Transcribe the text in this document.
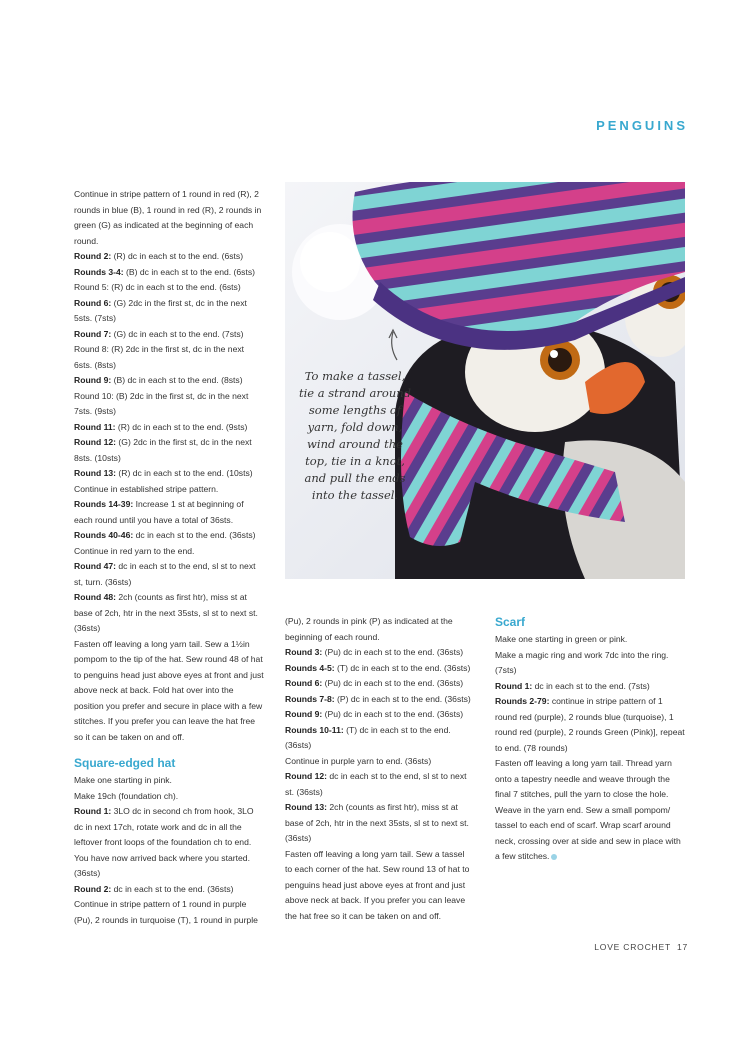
PENGUINS

Continue in stripe pattern of 1 round in red (R), 2 rounds in blue (B), 1 round in red (R), 2 rounds in green (G) as indicated at the beginning of each round.

Round 2: (R) dc in each st to the end. (6sts)

Rounds 3-4: (B) dc in each st to the end. (6sts)

Round 5: (R) dc in each st to the end. (6sts)

Round 6: (G) 2dc in the first st, dc in the next 5sts. (7sts)

Round 7: (G) dc in each st to the end. (7sts)

Round 8: (R) 2dc in the first st, dc in the next 6sts. (8sts)

Round 9: (B) dc in each st to the end. (8sts)

Round 10: (B) 2dc in the first st, dc in the next 7sts. (9sts)

Round 11: (R) dc in each st to the end. (9sts)

Round 12: (G) 2dc in the first st, dc in the next 8sts. (10sts)

Round 13: (R) dc in each st to the end. (10sts)

Continue in established stripe pattern.

Rounds 14-39: Increase 1 st at beginning of each round until you have a total of 36sts.

Rounds 40-46: dc in each st to the end. (36sts)

Continue in red yarn to the end.

Round 47: dc in each st to the end, sl st to next st, turn. (36sts)

Round 48: 2ch (counts as first htr), miss st at base of 2ch, htr in the next 35sts, sl st to next st. (36sts)

Fasten off leaving a long yarn tail. Sew a 1½in pompom to the tip of the hat. Sew round 48 of hat to penguins head just above eyes at front and just above neck at back. Fold hat over into the position you prefer and secure in place with a few stitches. If you prefer you can leave the hat free so it can be taken on and off.

Square-edged hat

Make one starting in pink.

Make 19ch (foundation ch).

Round 1: 3LO dc in second ch from hook, 3LO dc in next 17ch, rotate work and dc in all the leftover front loops of the foundation ch to end. You have now arrived back where you started. (36sts)

Round 2: dc in each st to the end. (36sts)

Continue in stripe pattern of 1 round in purple (Pu), 2 rounds in turquoise (T), 1 round in purple

To make a tassel, tie a strand around some lengths of yarn, fold down, wind around the top, tie in a knot, and pull the ends into the tassel.

(Pu), 2 rounds in pink (P) as indicated at the beginning of each round.

Round 3: (Pu) dc in each st to the end. (36sts)

Rounds 4-5: (T) dc in each st to the end. (36sts)

Round 6: (Pu) dc in each st to the end. (36sts)

Rounds 7-8: (P) dc in each st to the end. (36sts)

Round 9: (Pu) dc in each st to the end. (36sts)

Rounds 10-11: (T) dc in each st to the end. (36sts)

Continue in purple yarn to end. (36sts)

Round 12: dc in each st to the end, sl st to next st. (36sts)

Round 13: 2ch (counts as first htr), miss st at base of 2ch, htr in the next 35sts, sl st to next st. (36sts)

Fasten off leaving a long yarn tail. Sew a tassel to each corner of the hat. Sew round 13 of hat to penguins head just above eyes at front and just above neck at back. If you prefer you can leave the hat free so it can be taken on and off.

Scarf

Make one starting in green or pink.

Make a magic ring and work 7dc into the ring. (7sts)

Round 1: dc in each st to the end. (7sts)

Rounds 2-79: continue in stripe pattern of 1 round red (purple), 2 rounds blue (turquoise), 1 round red (purple), 2 rounds Green (Pink)], repeat to end. (78 rounds)

Fasten off leaving a long yarn tail. Thread yarn onto a tapestry needle and weave through the final 7 stitches, pull the yarn to close the hole. Weave in the yarn end. Sew a small pompom/ tassel to each end of scarf. Wrap scarf around neck, crossing over at side and sew in place with a few stitches.

LOVE CROCHET 17
